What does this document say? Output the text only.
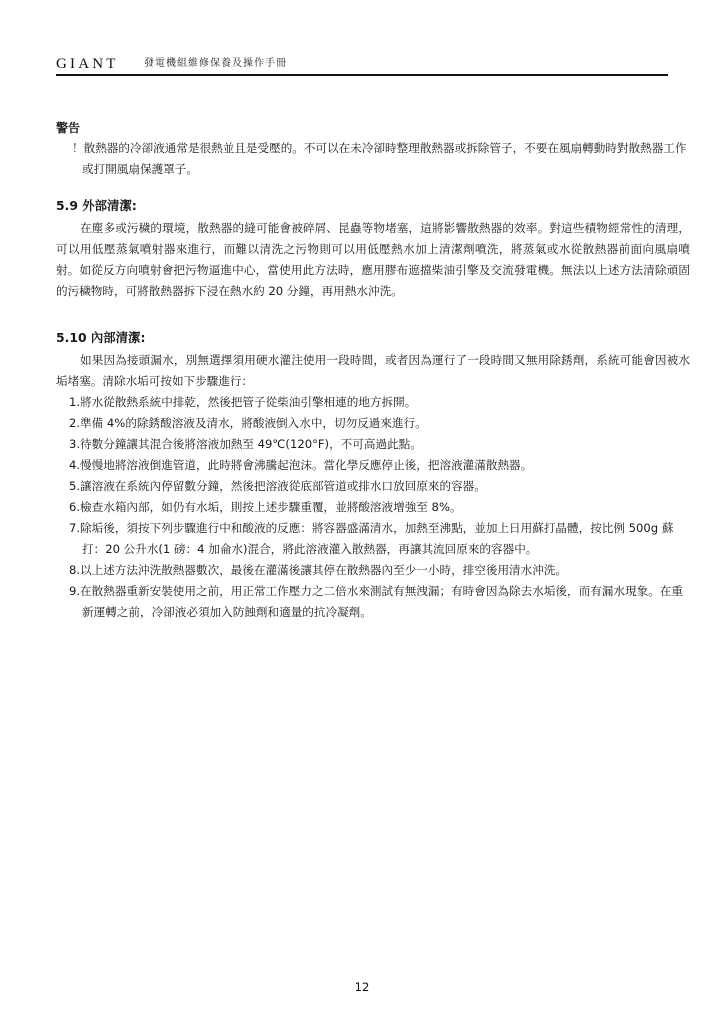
GIANT	發電機組維修保養及操作手冊

警告

！散熱器的冷卻液通常是很熱並且是受壓的。不可以在未冷卻時整理散熱器或拆除管子，不要在風扇轉動時對散熱器工作或打開風扇保護罩子。

5.9 外部清潔:

在塵多或污穢的環境，散熱器的縫可能會被碎屑、昆蟲等物堵塞，這將影響散熱器的效率。對這些積物經常性的清理，可以用低壓蒸氣噴射器來進行，而難以清洗之污物則可以用低壓熱水加上清潔劑噴洗，將蒸氣或水從散熱器前面向風扇噴射。如從反方向噴射會把污物逼進中心，當使用此方法時，應用膠布遮擋柴油引擎及交流發電機。無法以上述方法清除頑固的污穢物時，可將散熱器拆下浸在熱水約 20 分鐘，再用熱水沖洗。

5.10 內部清潔:

如果因為接頭漏水，別無選擇須用硬水灌注使用一段時間，或者因為運行了一段時間又無用除銹劑，系統可能會因被水垢堵塞。清除水垢可按如下步驟進行：

1.將水從散熱系統中排乾，然後把管子從柴油引擎相連的地方拆開。
2.準備 4%的除銹酸溶液及清水，將酸液倒入水中，切勿反過來進行。
3.待數分鐘讓其混合後將溶液加熱至 49℃(120°F)，不可高過此點。
4.慢慢地將溶液倒進管道，此時將會沸騰起泡沫。當化學反應停止後，把溶液灌滿散熱器。
5.讓溶液在系統內停留數分鐘，然後把溶液從底部管道或排水口放回原來的容器。
6.檢查水箱內部，如仍有水垢，則按上述步驟重覆，並將酸溶液增強至 8%。
7.除垢後，須按下列步驟進行中和酸液的反應：將容器盛滿清水，加熱至沸點，並加上日用蘇打晶體，按比例 500g 蘇打：20 公升水(1 磅：4 加侖水)混合，將此溶液灌入散熱器，再讓其流回原來的容器中。
8.以上述方法沖洗散熱器數次，最後在灌滿後讓其停在散熱器內至少一小時，排空後用清水沖洗。
9.在散熱器重新安裝使用之前，用正常工作壓力之二倍水來測試有無洩漏；有時會因為除去水垢後，而有漏水現象。在重新運轉之前，冷卻液必須加入防蝕劑和適量的抗冷凝劑。
12
